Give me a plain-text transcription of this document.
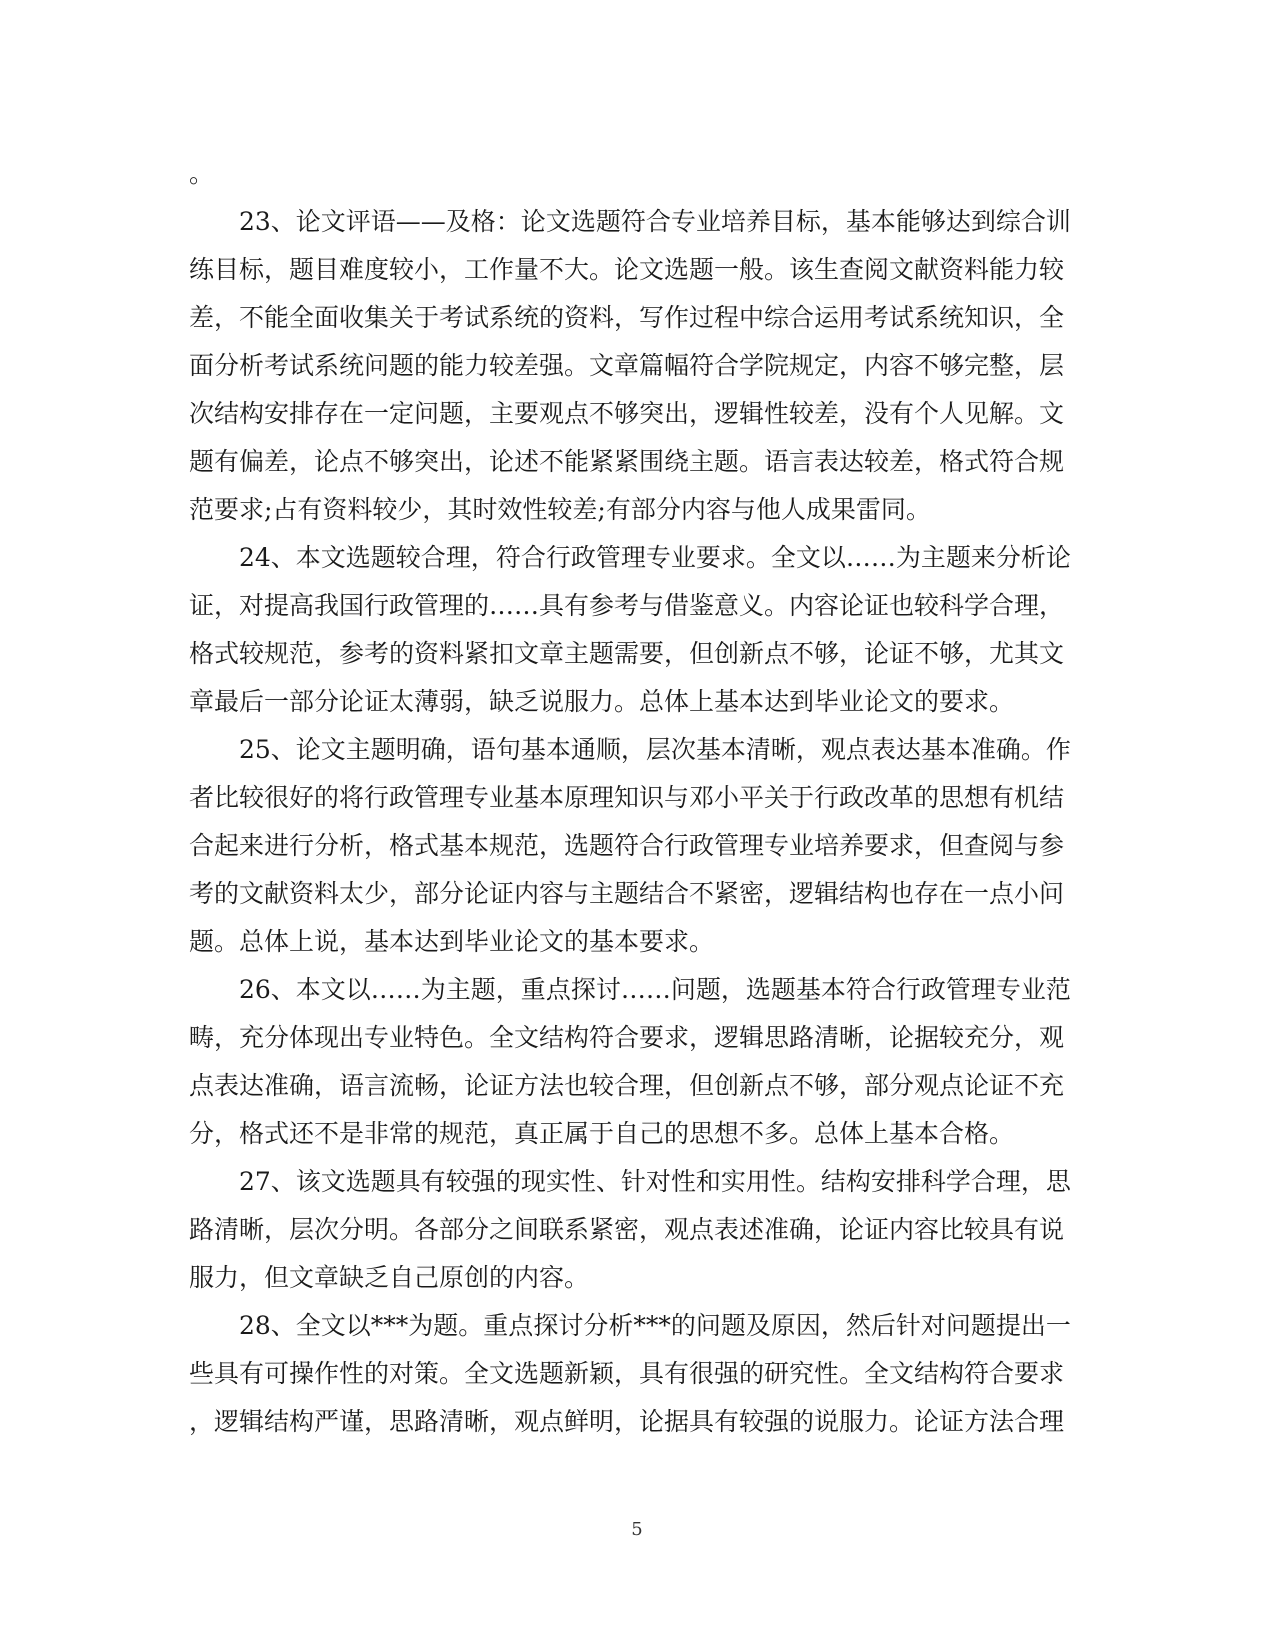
。
　　23、论文评语——及格：论文选题符合专业培养目标，基本能够达到综合训
练目标，题目难度较小，工作量不大。论文选题一般。该生查阅文献资料能力较
差，不能全面收集关于考试系统的资料，写作过程中综合运用考试系统知识，全
面分析考试系统问题的能力较差强。文章篇幅符合学院规定，内容不够完整，层
次结构安排存在一定问题，主要观点不够突出，逻辑性较差，没有个人见解。文
题有偏差，论点不够突出，论述不能紧紧围绕主题。语言表达较差，格式符合规
范要求;占有资料较少，其时效性较差;有部分内容与他人成果雷同。
　　24、本文选题较合理，符合行政管理专业要求。全文以……为主题来分析论
证，对提高我国行政管理的……具有参考与借鉴意义。内容论证也较科学合理，
格式较规范，参考的资料紧扣文章主题需要，但创新点不够，论证不够，尤其文
章最后一部分论证太薄弱，缺乏说服力。总体上基本达到毕业论文的要求。
　　25、论文主题明确，语句基本通顺，层次基本清晰，观点表达基本准确。作
者比较很好的将行政管理专业基本原理知识与邓小平关于行政改革的思想有机结
合起来进行分析，格式基本规范，选题符合行政管理专业培养要求，但查阅与参
考的文献资料太少，部分论证内容与主题结合不紧密，逻辑结构也存在一点小问
题。总体上说，基本达到毕业论文的基本要求。
　　26、本文以……为主题，重点探讨……问题，选题基本符合行政管理专业范
畴，充分体现出专业特色。全文结构符合要求，逻辑思路清晰，论据较充分，观
点表达准确，语言流畅，论证方法也较合理，但创新点不够，部分观点论证不充
分，格式还不是非常的规范，真正属于自己的思想不多。总体上基本合格。
　　27、该文选题具有较强的现实性、针对性和实用性。结构安排科学合理，思
路清晰，层次分明。各部分之间联系紧密，观点表述准确，论证内容比较具有说
服力，但文章缺乏自己原创的内容。
　　28、全文以***为题。重点探讨分析***的问题及原因，然后针对问题提出一
些具有可操作性的对策。全文选题新颖，具有很强的研究性。全文结构符合要求
，逻辑结构严谨，思路清晰，观点鲜明，论据具有较强的说服力。论证方法合理
5
